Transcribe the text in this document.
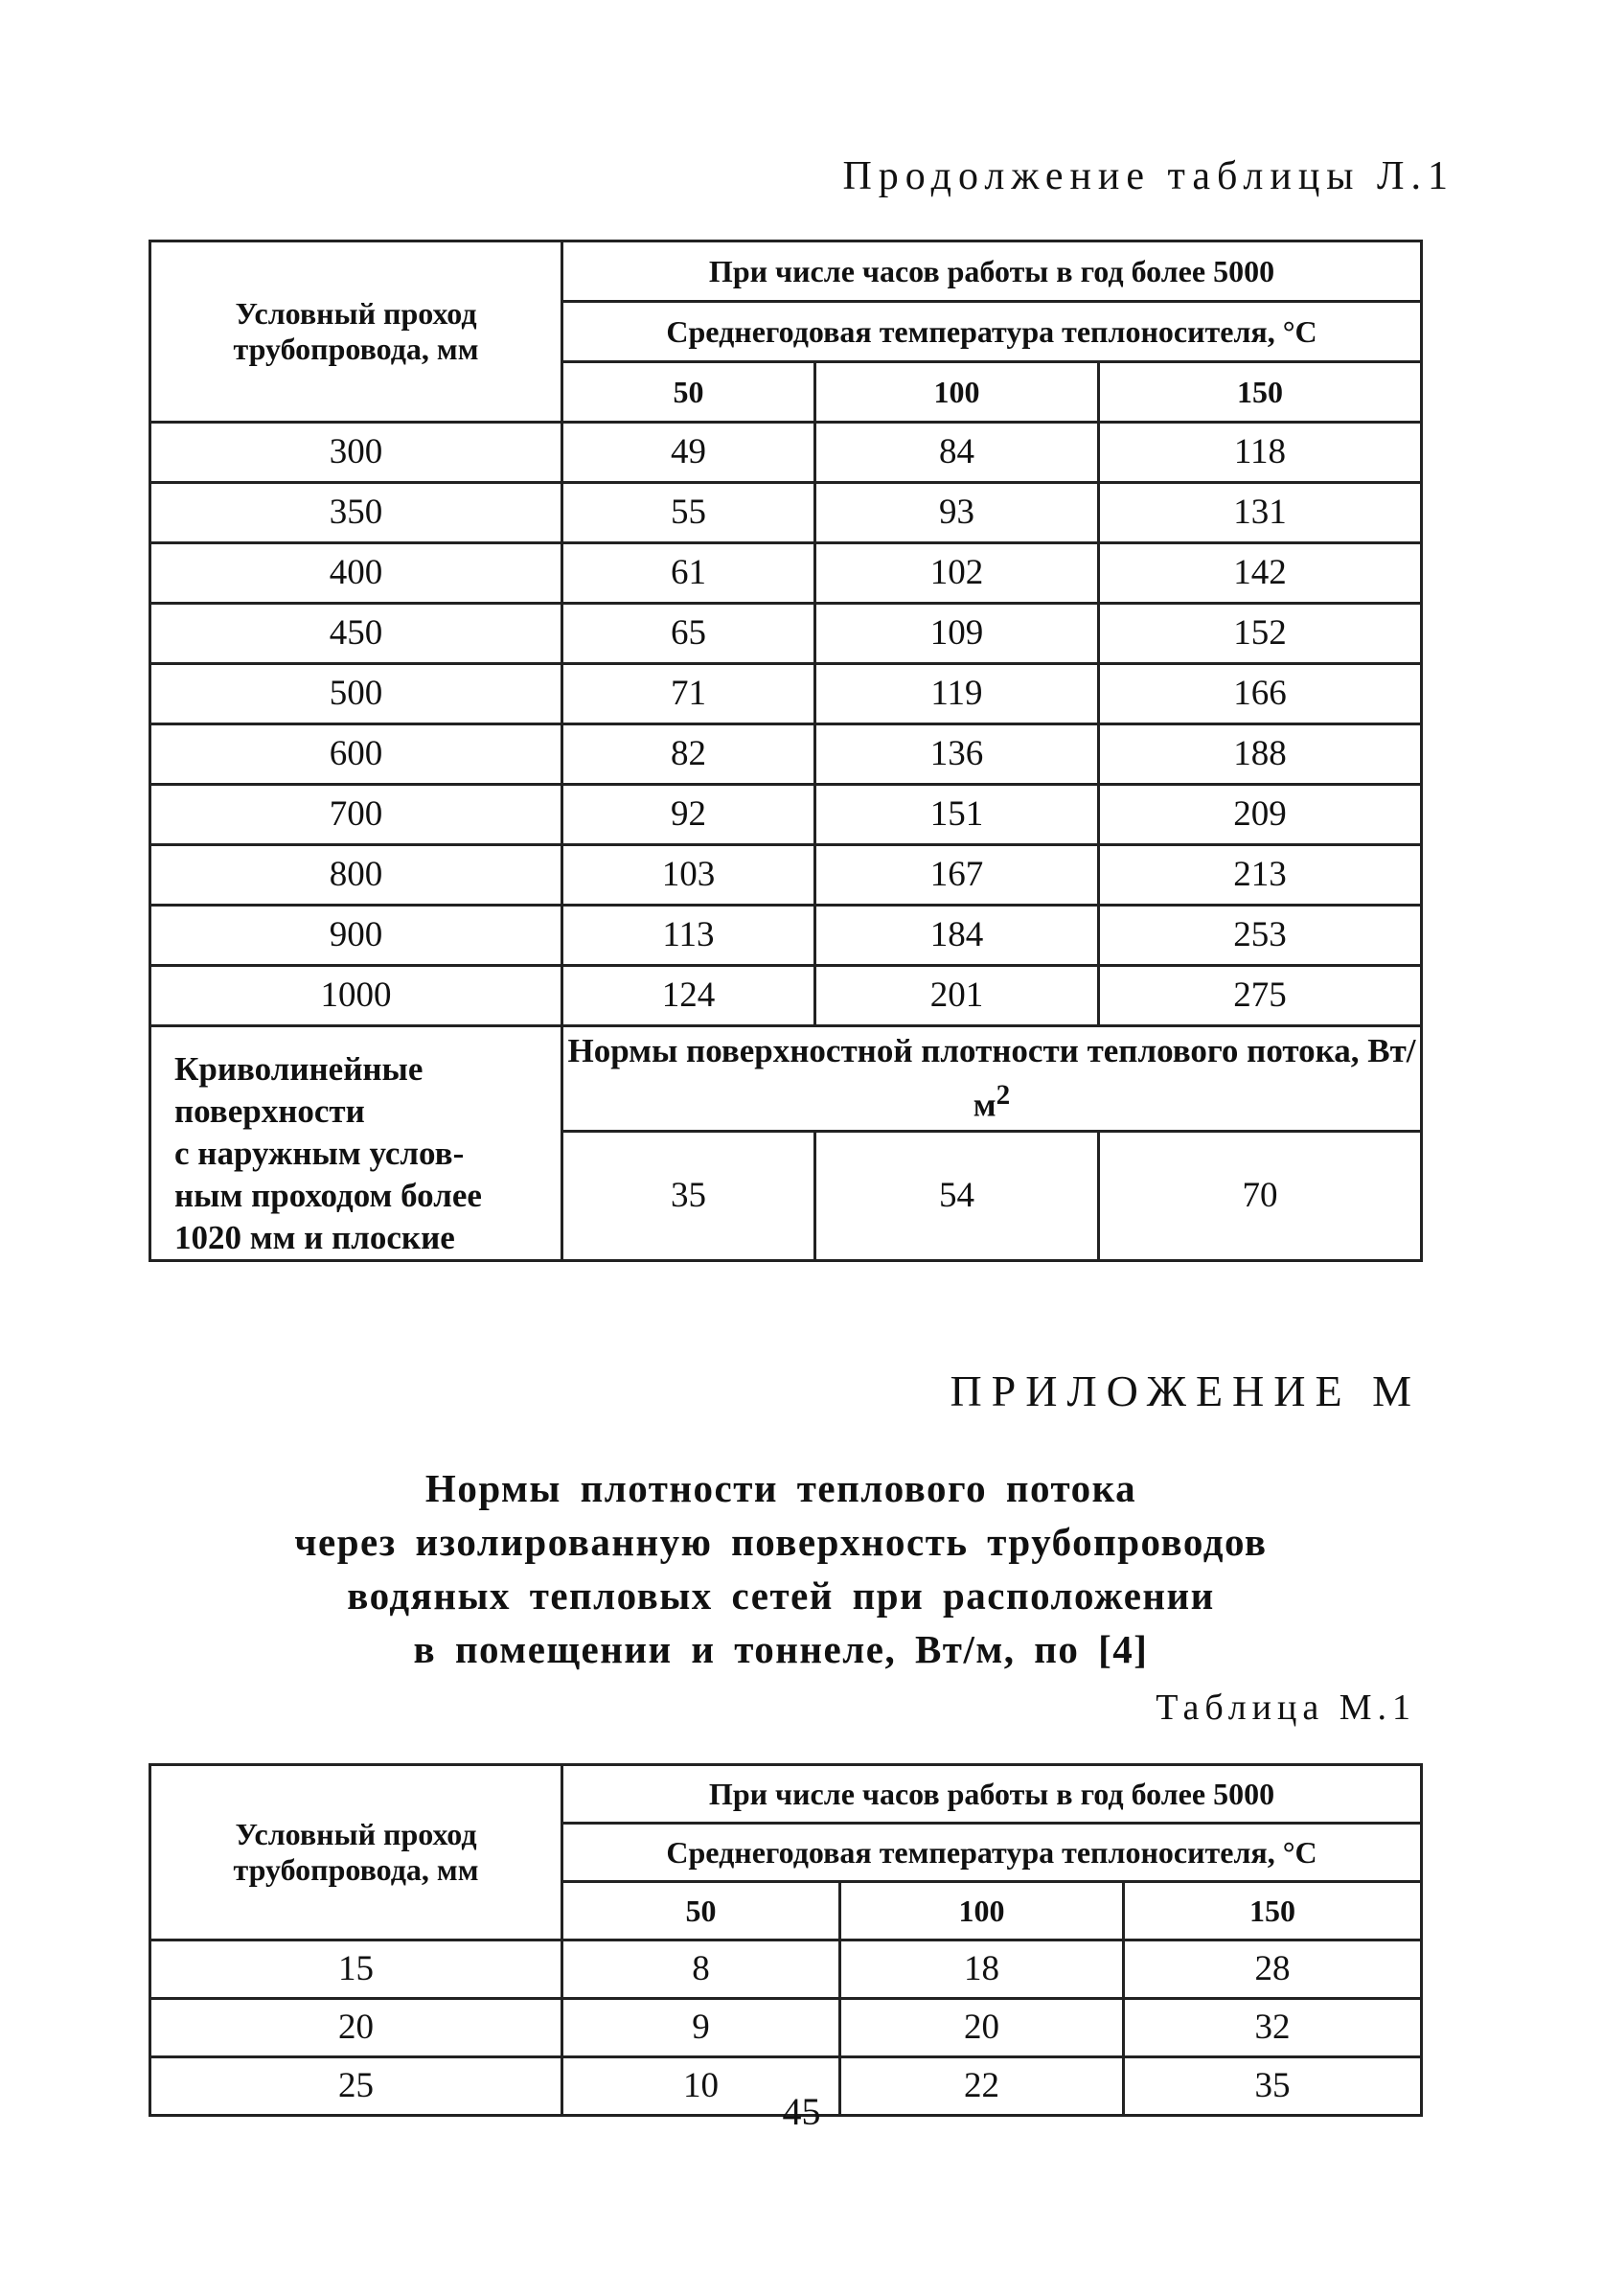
Продолжение таблицы Л.1
Условный проход трубопровода, мм	При числе часов работы в год более 5000		
	Среднегодовая температура теплоносителя, °С		
	50	100	150
300	49	84	118
350	55	93	131
400	61	102	142
450	65	109	152
500	71	119	166
600	82	136	188
700	92	151	209
800	103	167	213
900	113	184	253
1000	124	201	275

Криволинейные
поверхности
с наружным услов-
ным проходом более
1020 мм и плоские	Нормы поверхностной плотности теплового потока, $Вт/м^2$
	35	54	70
ПРИЛОЖЕНИЕ М
Нормы плотности теплового потока
через изолированную поверхность трубопроводов
водяных тепловых сетей при расположении
в помещении и тоннеле, Вт/м, по [4]
Таблица М.1
Условный проход трубопровода, мм	При числе часов работы в год более 5000		
	Среднегодовая температура теплоносителя, °С		
	50	100	150
15	8	18	28
20	9	20	32
25	10	22	35
45
